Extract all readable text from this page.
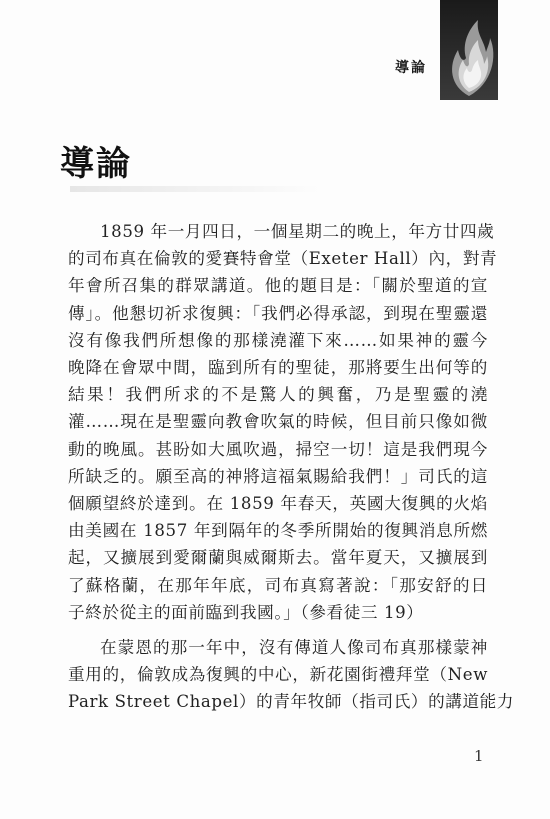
導論
導論
1859 年一月四日，一個星期二的晚上，年方廿四歲
的司布真在倫敦的愛賽特會堂（Exeter Hall）內，對青
年會所召集的群眾講道。他的題目是：「關於聖道的宣
傳」。他懇切祈求復興：「我們必得承認，到現在聖靈還
沒有像我們所想像的那樣澆灌下來……如果神的靈今
晚降在會眾中間，臨到所有的聖徒，那將要生出何等的
結果！我們所求的不是驚人的興奮，乃是聖靈的澆
灌……現在是聖靈向教會吹氣的時候，但目前只像如微
動的晚風。甚盼如大風吹過，掃空一切！這是我們現今
所缺乏的。願至高的神將這福氣賜給我們！」司氏的這
個願望終於達到。在 1859 年春天，英國大復興的火焰
由美國在 1857 年到隔年的冬季所開始的復興消息所燃
起，又擴展到愛爾蘭與威爾斯去。當年夏天，又擴展到
了蘇格蘭，在那年年底，司布真寫著說：「那安舒的日
子終於從主的面前臨到我國。」（參看徒三 19）
在蒙恩的那一年中，沒有傳道人像司布真那樣蒙神
重用的，倫敦成為復興的中心，新花園街禮拜堂（New
Park Street Chapel）的青年牧師（指司氏）的講道能力
1
